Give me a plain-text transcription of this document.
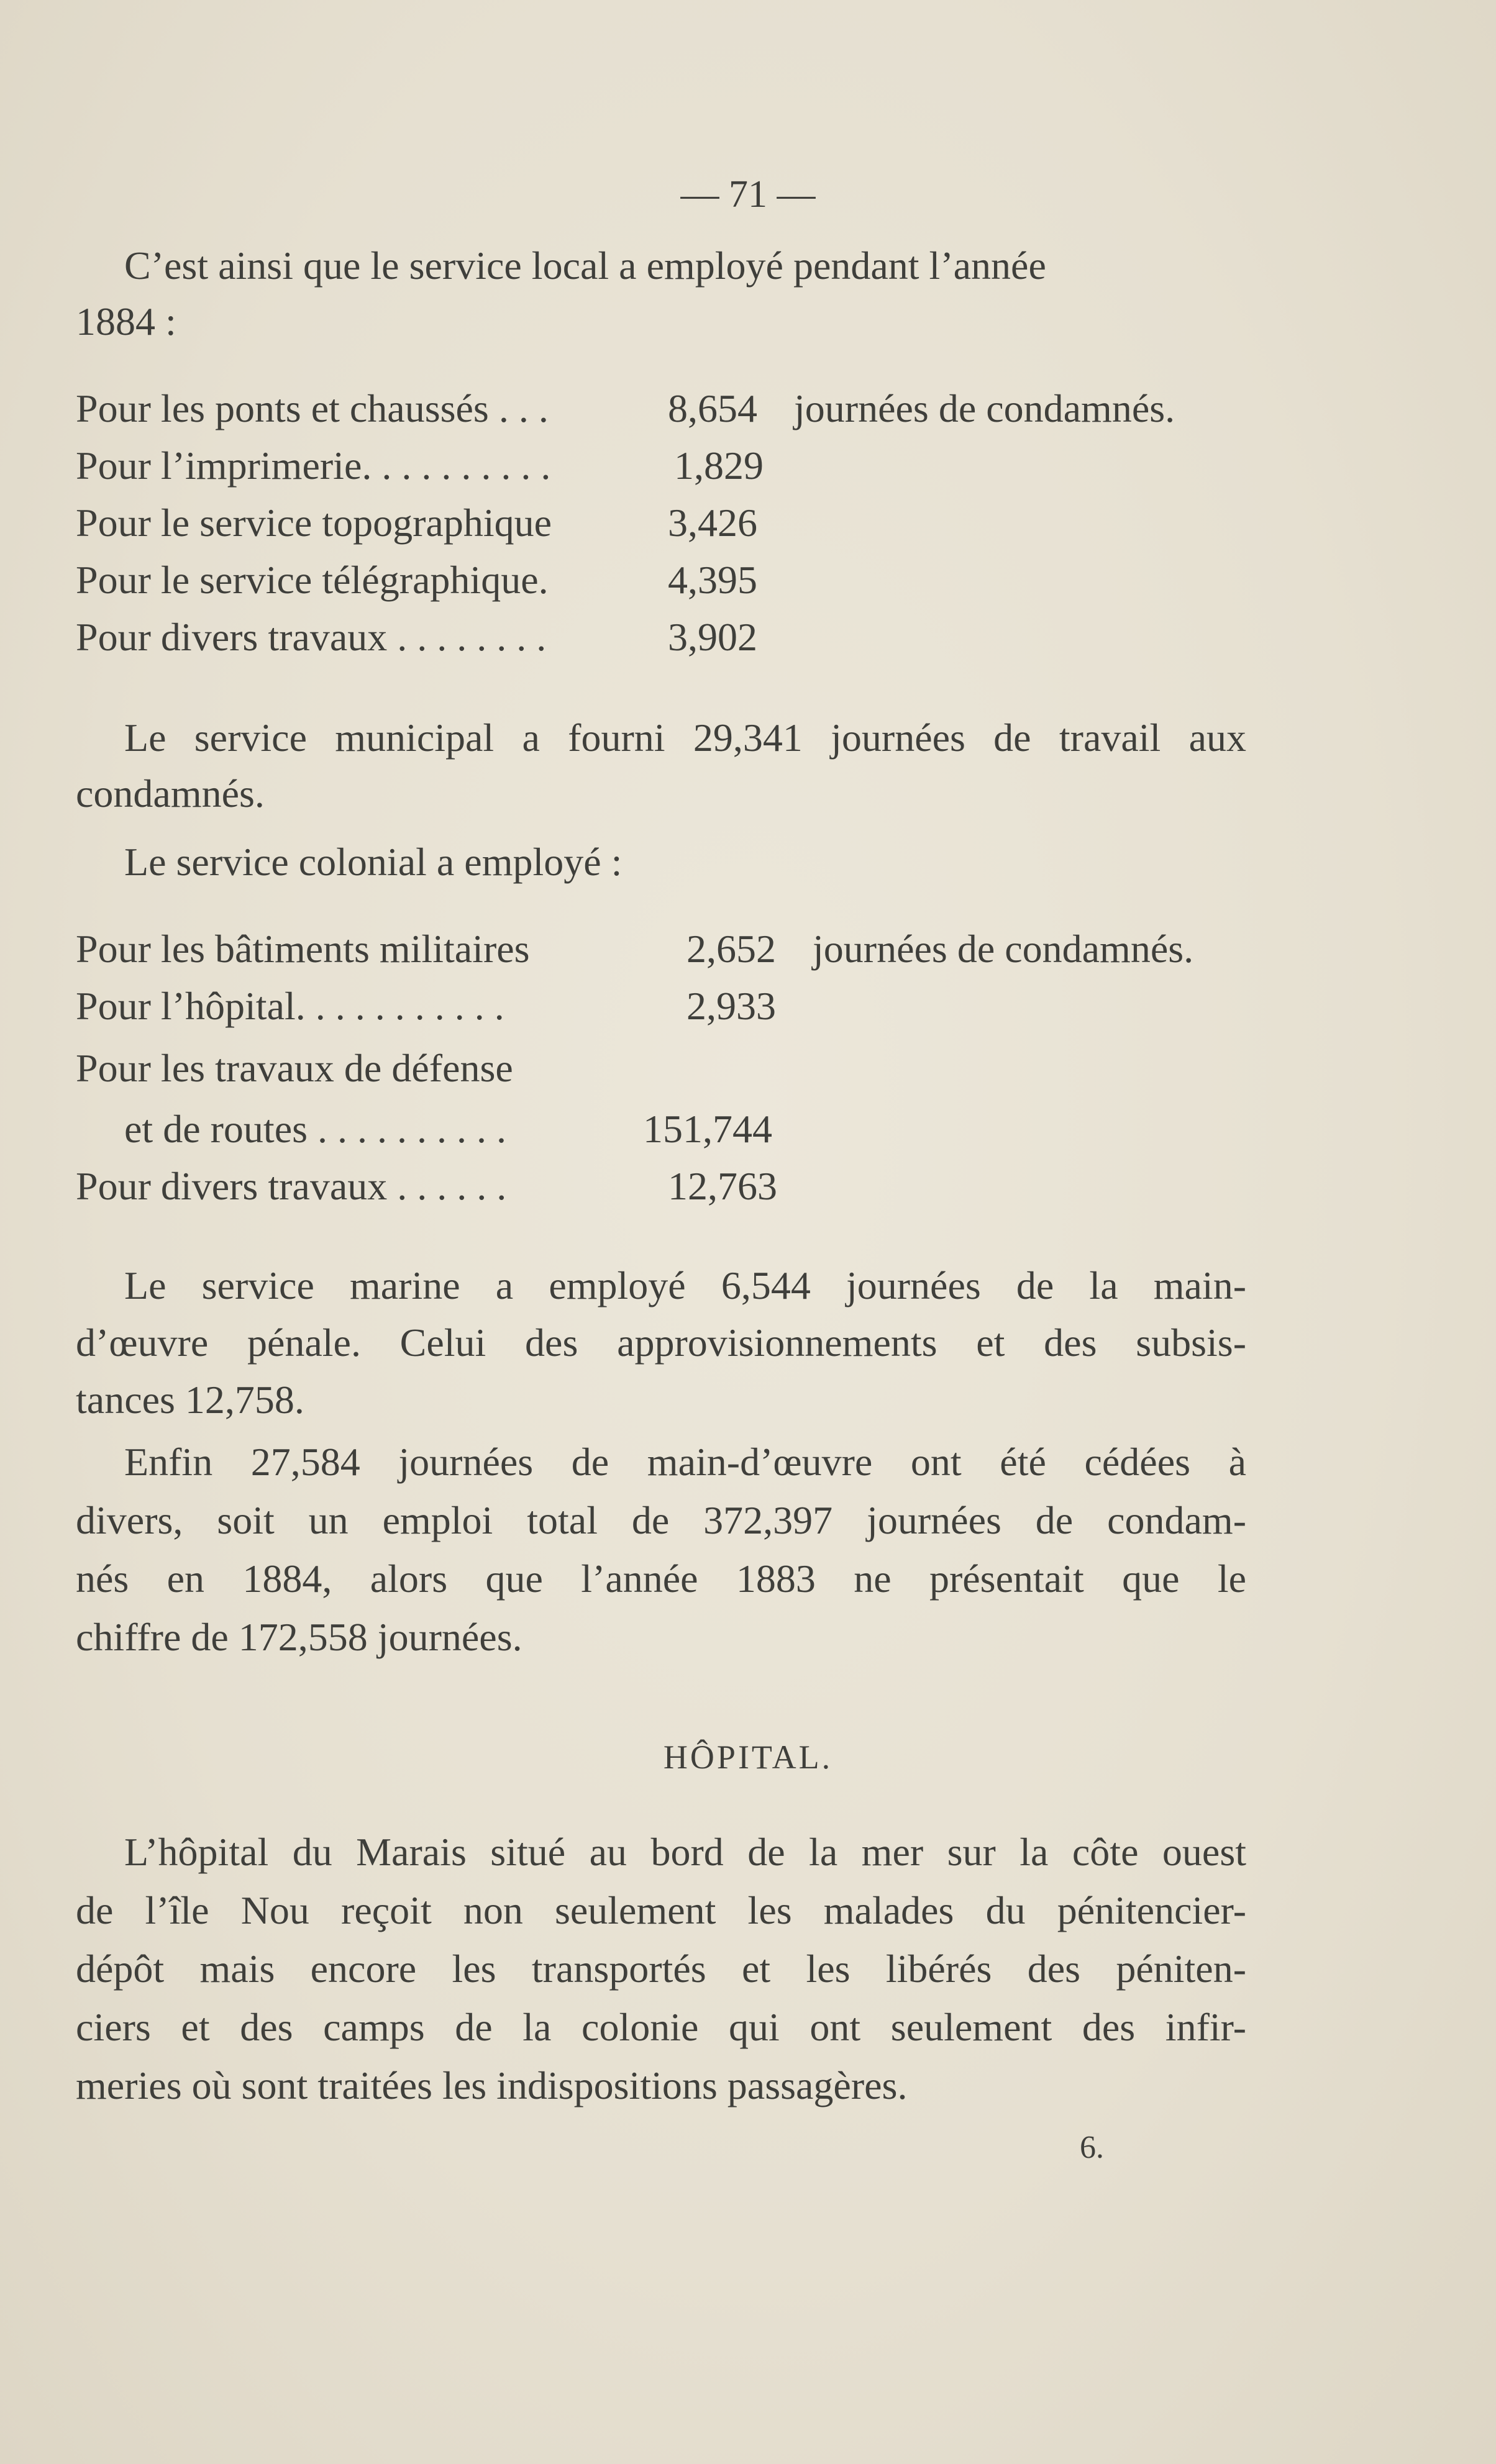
— 71 —
C’est ainsi que le service local a employé pendant l’année
1884 :
Pour les ponts et chaussés . . .	8,654 journées de condamnés.
Pour l’imprimerie. . . . . . . . . .	1,829
Pour le service topographique	3,426
Pour le service télégraphique.	4,395
Pour divers travaux . . . . . . . .	3,902
Le service municipal a fourni 29,341 journées de travail aux
condamnés.
Le service colonial a employé :
Pour les bâtiments militaires	2,652 journées de condamnés.
Pour l’hôpital. . . . . . . . . . .	2,933
Pour les travaux de défense
et de routes . . . . . . . . . .	151,744
Pour divers travaux . . . . . .	12,763
Le service marine a employé 6,544 journées de la main-
d’œuvre pénale. Celui des approvisionnements et des subsis-
tances 12,758.
Enfin 27,584 journées de main-d’œuvre ont été cédées à
divers, soit un emploi total de 372,397 journées de condam-
nés en 1884, alors que l’année 1883 ne présentait que le
chiffre de 172,558 journées.
HÔPITAL.
L’hôpital du Marais situé au bord de la mer sur la côte ouest
de l’île Nou reçoit non seulement les malades du pénitencier-
dépôt mais encore les transportés et les libérés des péniten-
ciers et des camps de la colonie qui ont seulement des infir-
meries où sont traitées les indispositions passagères.
6.
